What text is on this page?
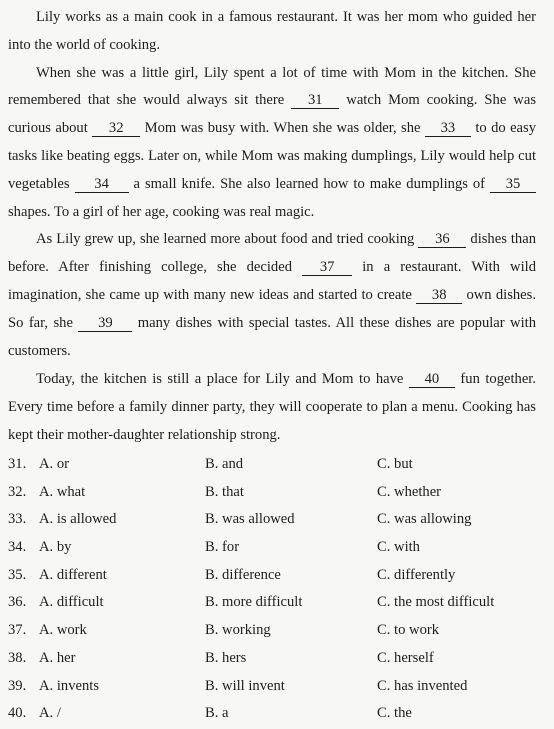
Lily works as a main cook in a famous restaurant. It was her mom who guided her into the world of cooking.

When she was a little girl, Lily spent a lot of time with Mom in the kitchen. She remembered that she would always sit there 31 watch Mom cooking. She was curious about 32 Mom was busy with. When she was older, she 33 to do easy tasks like beating eggs. Later on, while Mom was making dumplings, Lily would help cut vegetables 34 a small knife. She also learned how to make dumplings of 35 shapes. To a girl of her age, cooking was real magic.

As Lily grew up, she learned more about food and tried cooking 36 dishes than before. After finishing college, she decided 37 in a restaurant. With wild imagination, she came up with many new ideas and started to create 38 own dishes. So far, she 39 many dishes with special tastes. All these dishes are popular with customers.

Today, the kitchen is still a place for Lily and Mom to have 40 fun together. Every time before a family dinner party, they will cooperate to plan a menu. Cooking has kept their mother-daughter relationship strong.

31. A. or	B. and	C. but
32. A. what	B. that	C. whether
33. A. is allowed	B. was allowed	C. was allowing
34. A. by	B. for	C. with
35. A. different	B. difference	C. differently
36. A. difficult	B. more difficult	C. the most difficult
37. A. work	B. working	C. to work
38. A. her	B. hers	C. herself
39. A. invents	B. will invent	C. has invented
40. A. /	B. a	C. the
